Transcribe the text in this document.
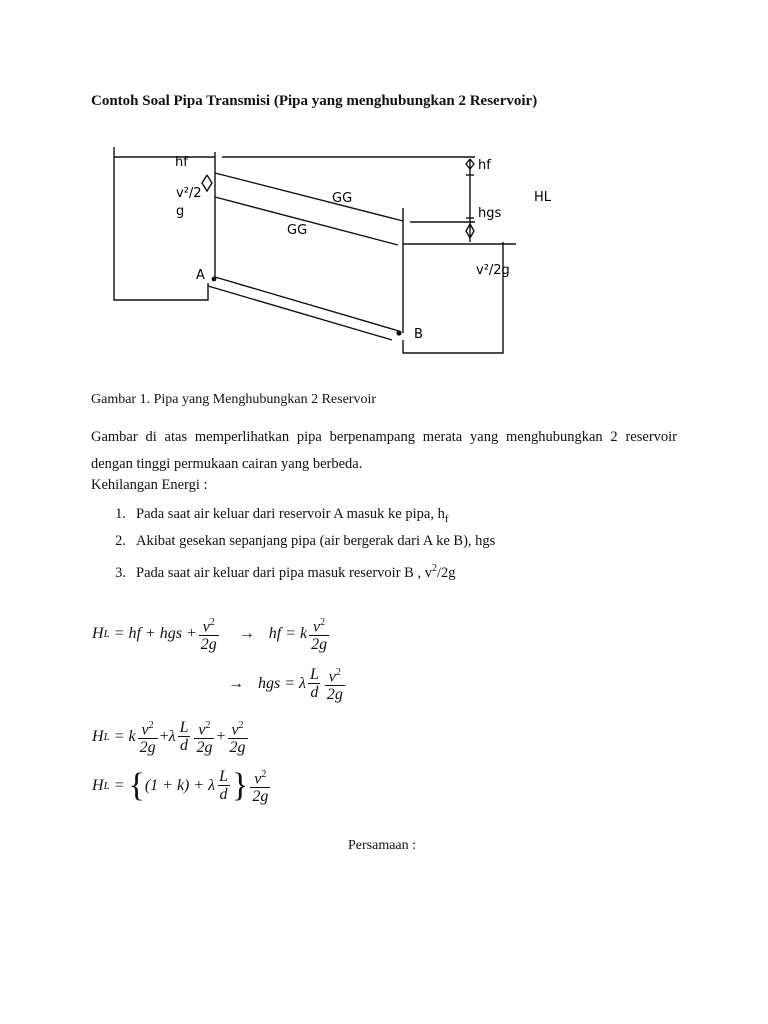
Contoh Soal Pipa Transmisi (Pipa yang menghubungkan 2 Reservoir)
hf
v²/2
g
GG
GG
A
B
hf
hgs
HL
v²/2g
Gambar 1. Pipa yang Menghubungkan 2 Reservoir
Gambar di atas memperlihatkan pipa berpenampang merata yang menghubungkan 2 reservoir dengan tinggi permukaan cairan yang berbeda.
Kehilangan Energi :
1. Pada saat air keluar dari reservoir A masuk ke pipa, $h_f$
2. Akibat gesekan sepanjang pipa (air bergerak dari A ke B), hgs
3. Pada saat air keluar dari pipa masuk reservoir B , $v^2/2g$
H L = hf + hgs + $\frac{v^2}{2g}$ → hf = k $\frac{v^2}{2g}$
→ hgs = λ $\frac{L}{d} \frac{v^2}{2g}$
H L = k $\frac{v^2}{2g} + \lambda \frac{L}{d} \frac{v^2}{2g} + \frac{v^2}{2g}$
H L = { (1 + k) + λ $\frac{L}{d}$ } $\frac{v^2}{2g}$
Persamaan :
